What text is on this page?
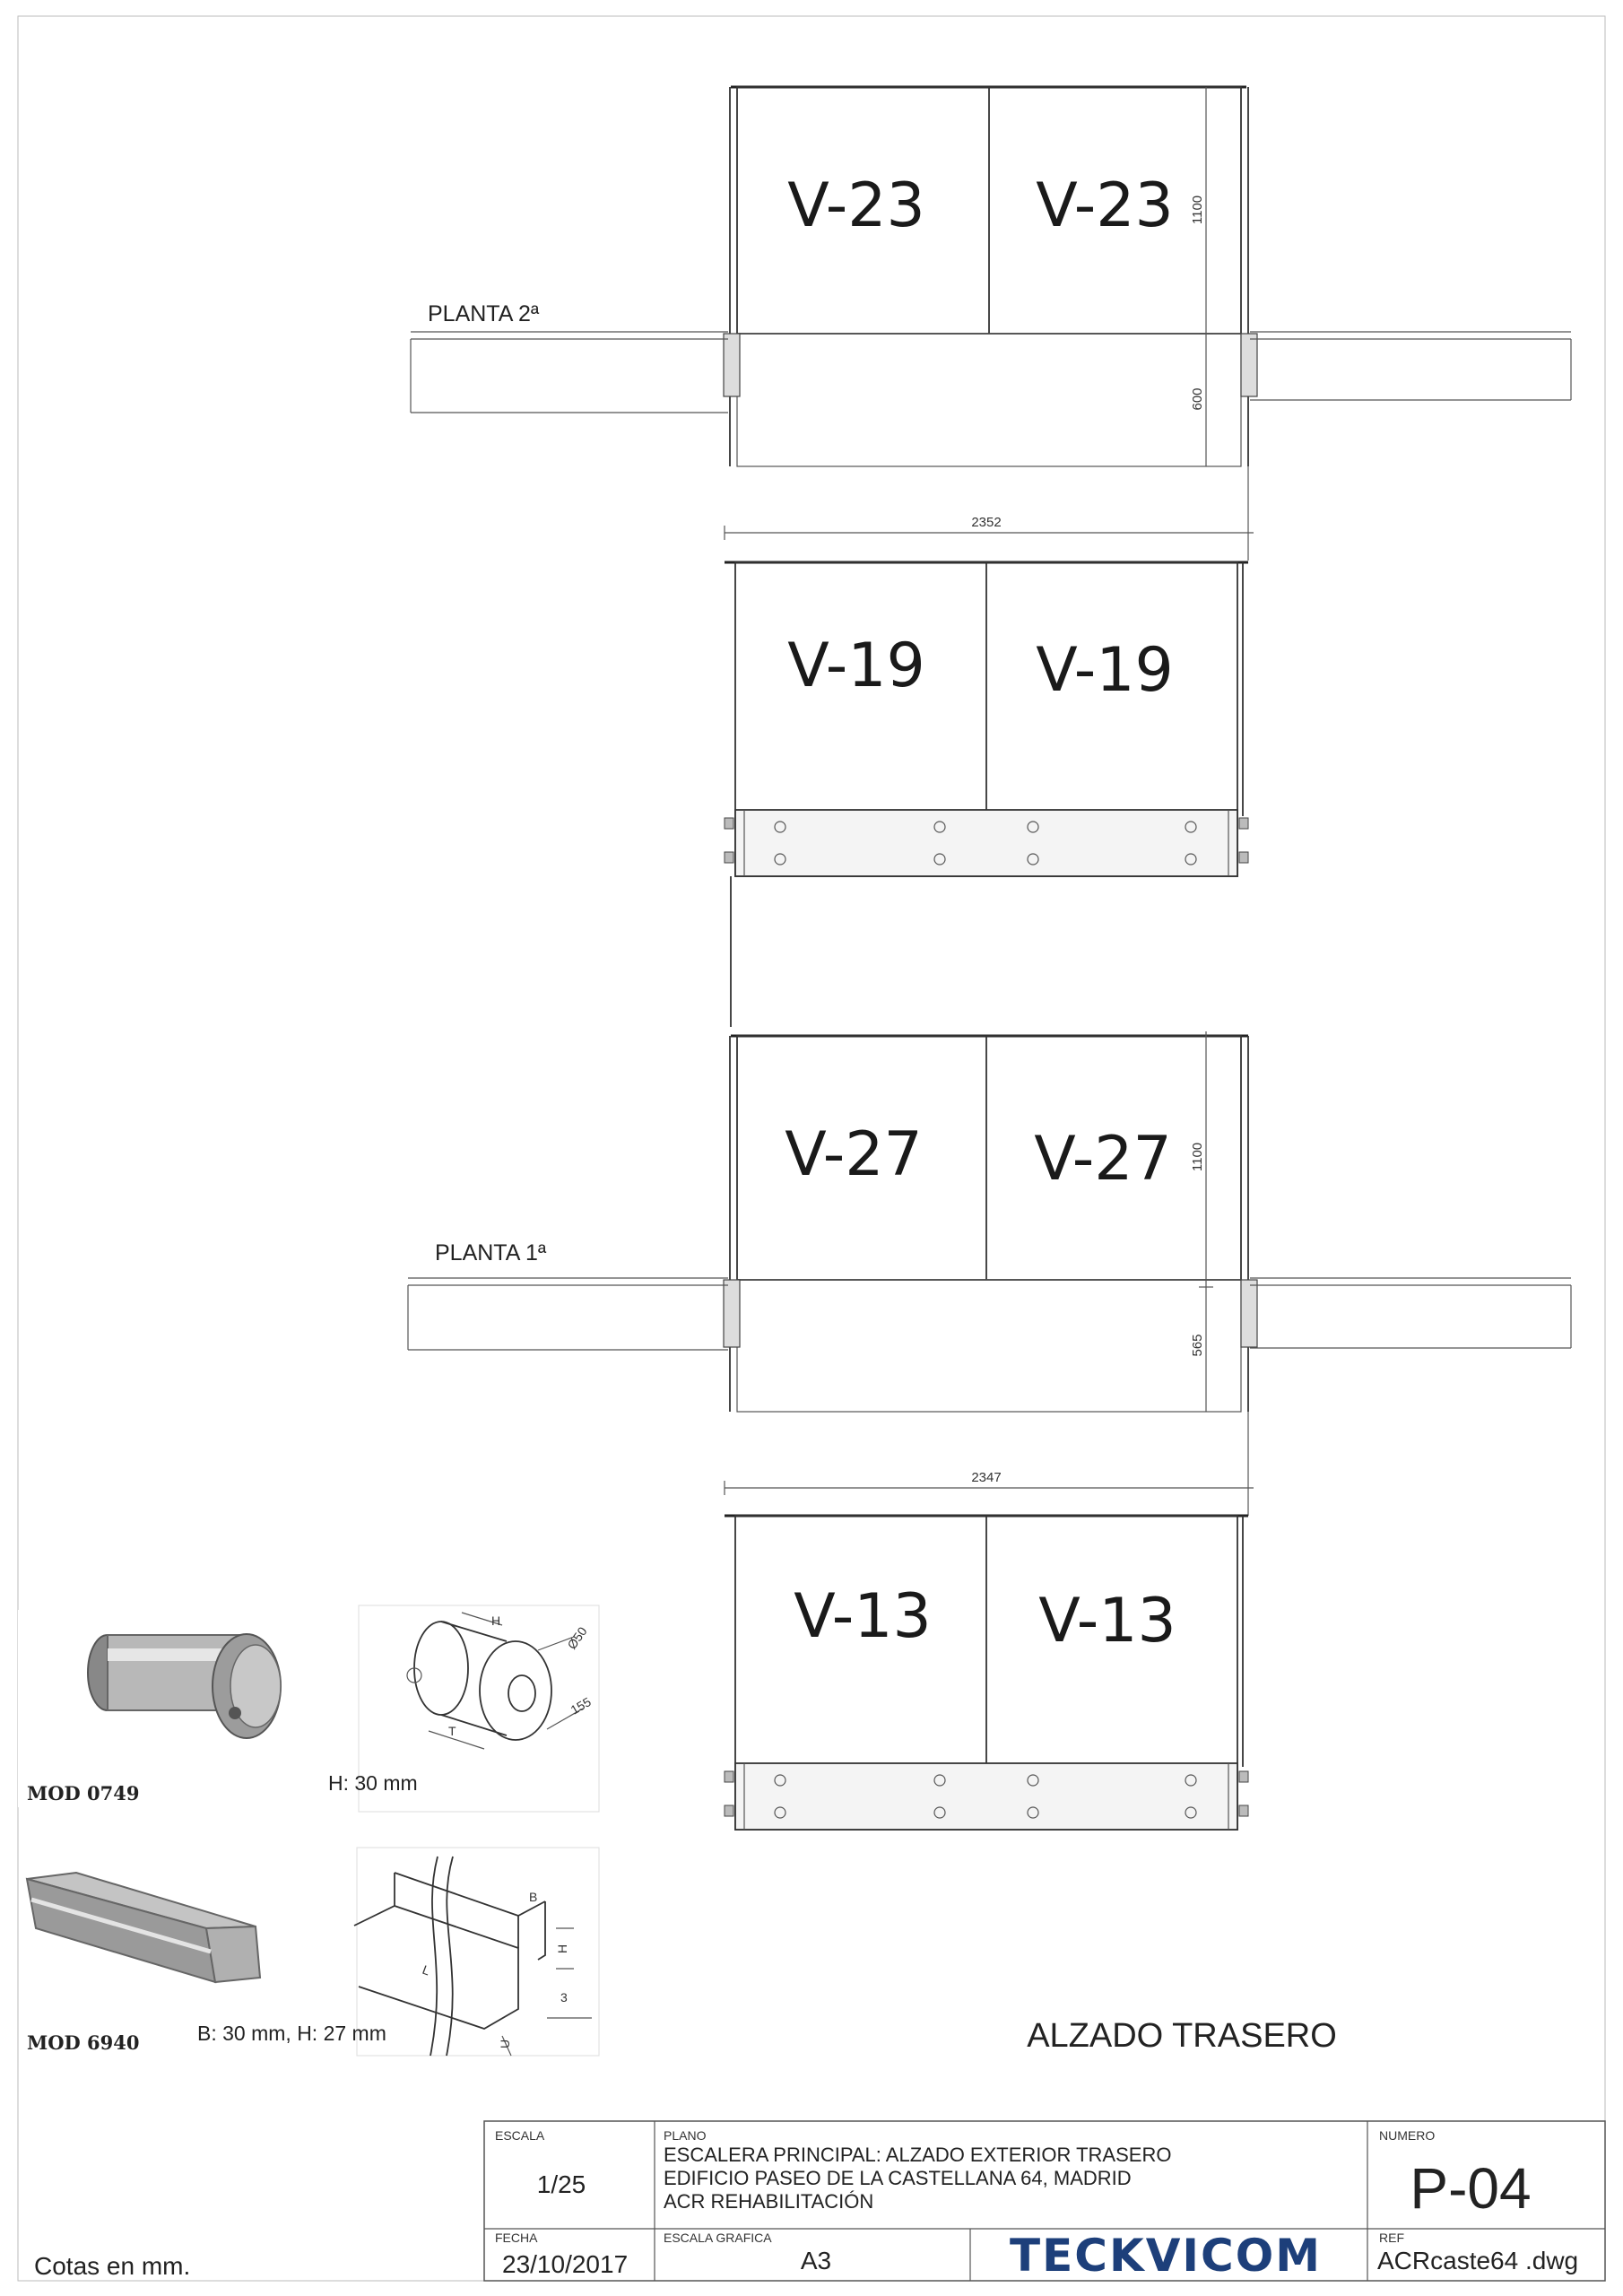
V-23 V-23 1100
600
PLANTA 2ª
2352
V-19 V-19
V-27 V-27 1100
565
PLANTA 1ª
2347
V-13 V-13
H
Ø50
155
T
MOD 0749	H: 30 mm
B
H
3
L
U
MOD 6940	B: 30 mm, H: 27 mm	ALZADO TRASERO
Cotas en mm.
ESCALA
1/25
FECHA
23/10/2017
PLANO
ESCALERA PRINCIPAL: ALZADO EXTERIOR TRASERO
EDIFICIO PASEO DE LA CASTELLANA 64, MADRID
ACR REHABILITACIÓN
ESCALA GRAFICA
A3	TECKVICOM
NUMERO
P-04
REF
ACRcaste64 .dwg
